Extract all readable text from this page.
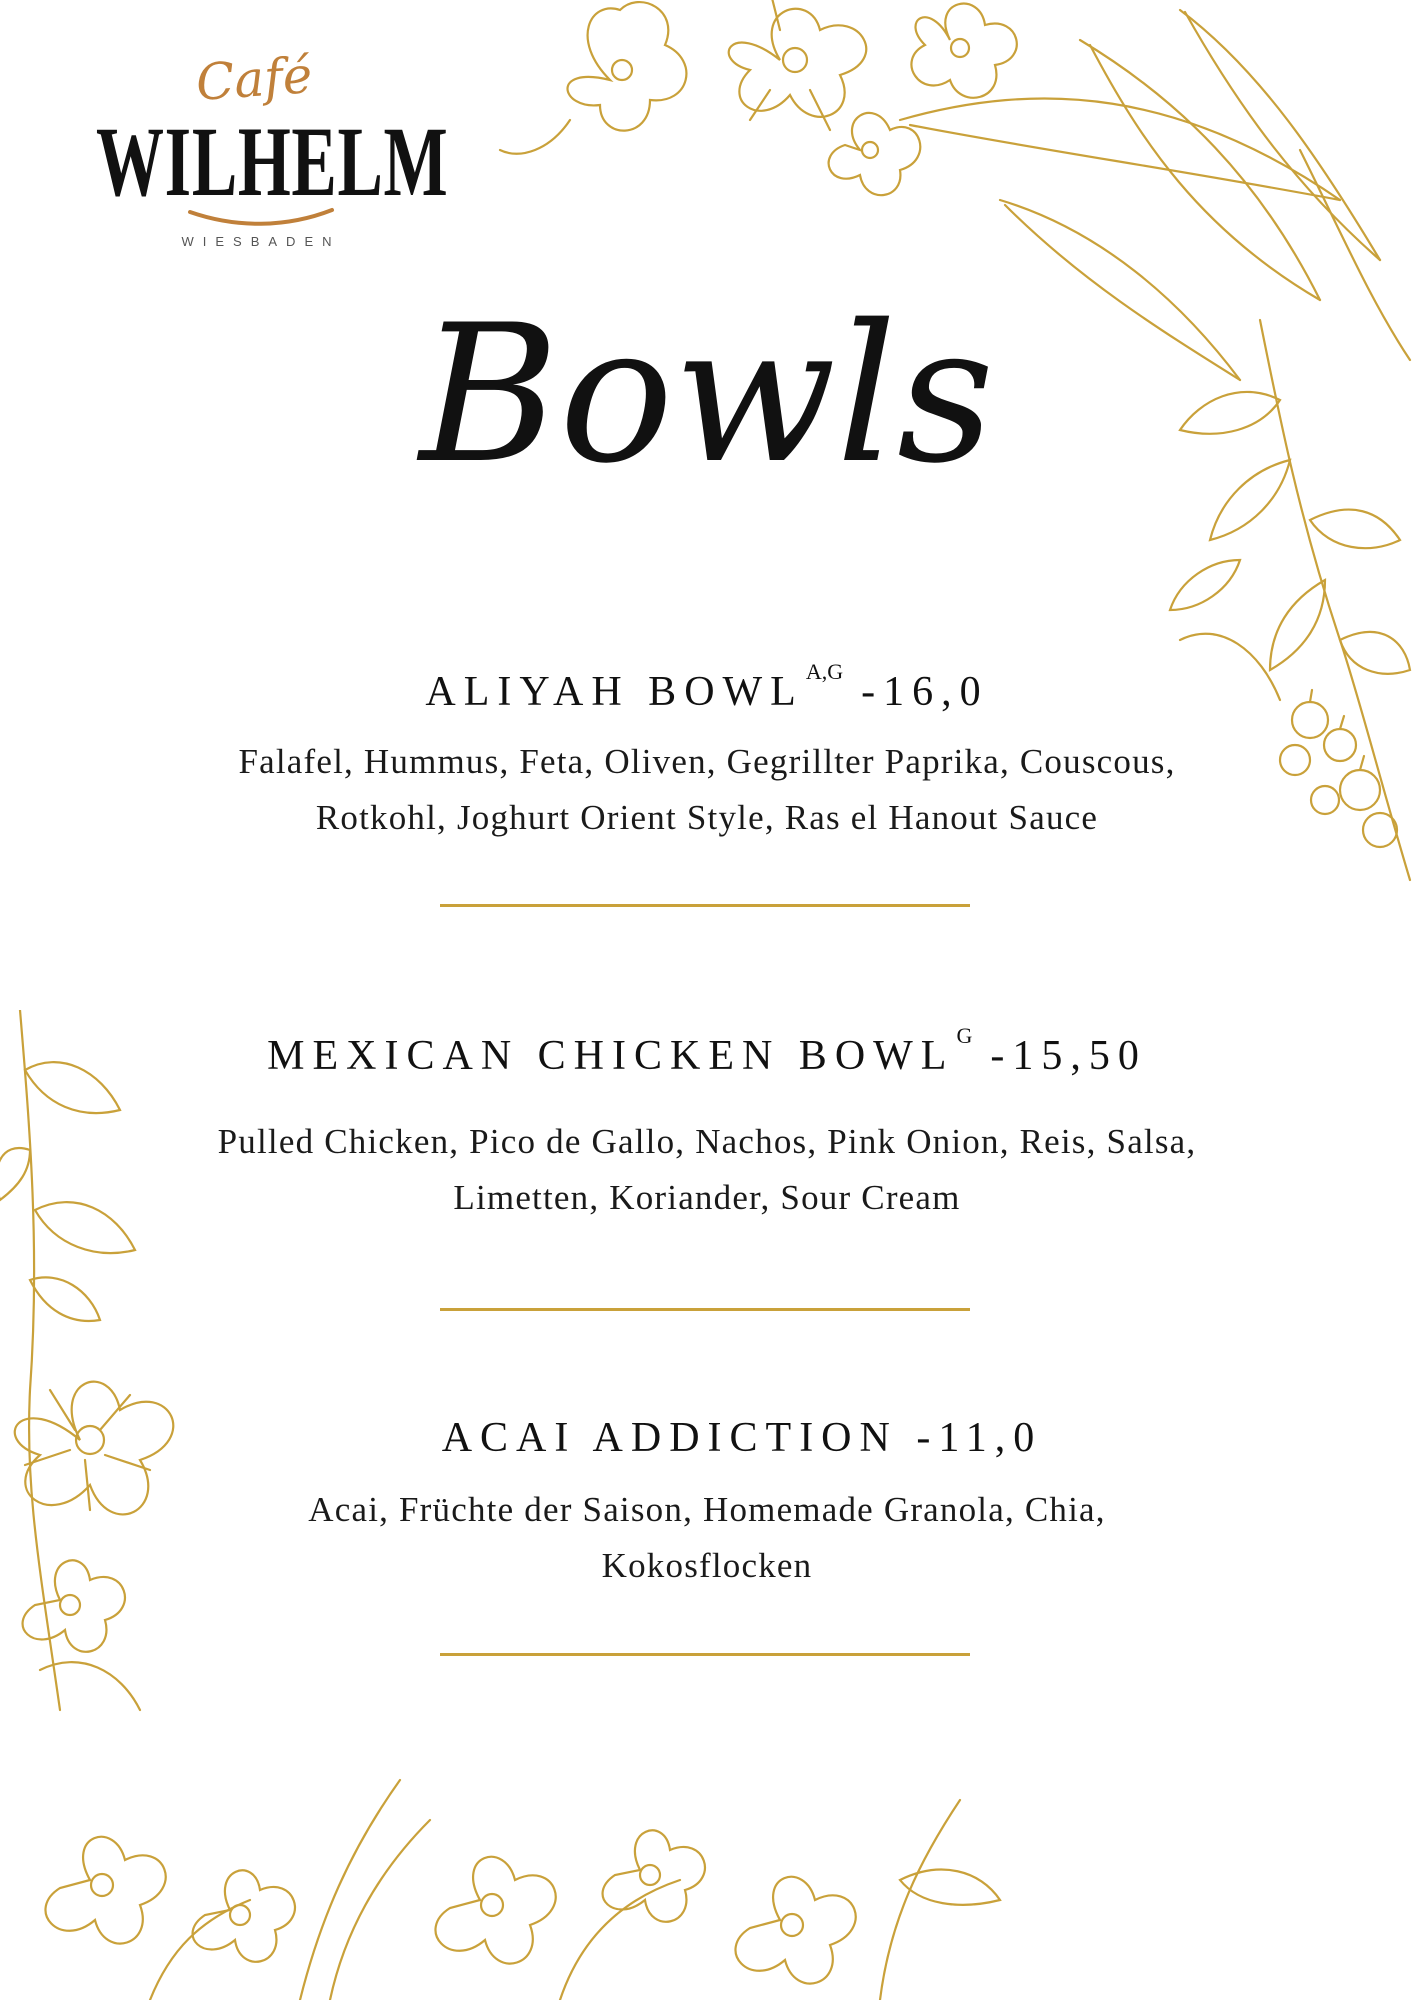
Café
WILHELM
WIESBADEN
Bowls
ALIYAH $BOWL^{A,G}$ -16,0
Falafel, Hummus, Feta, Oliven, Gegrillter Paprika, Couscous,
Rotkohl, Joghurt Orient Style, Ras el Hanout Sauce
MEXICAN CHICKEN $BOWL^G$ -15,50
Pulled Chicken, Pico de Gallo, Nachos, Pink Onion, Reis, Salsa,
Limetten, Koriander, Sour Cream
ACAI ADDICTION -11,0
Acai, Früchte der Saison, Homemade Granola, Chia,
Kokosflocken
